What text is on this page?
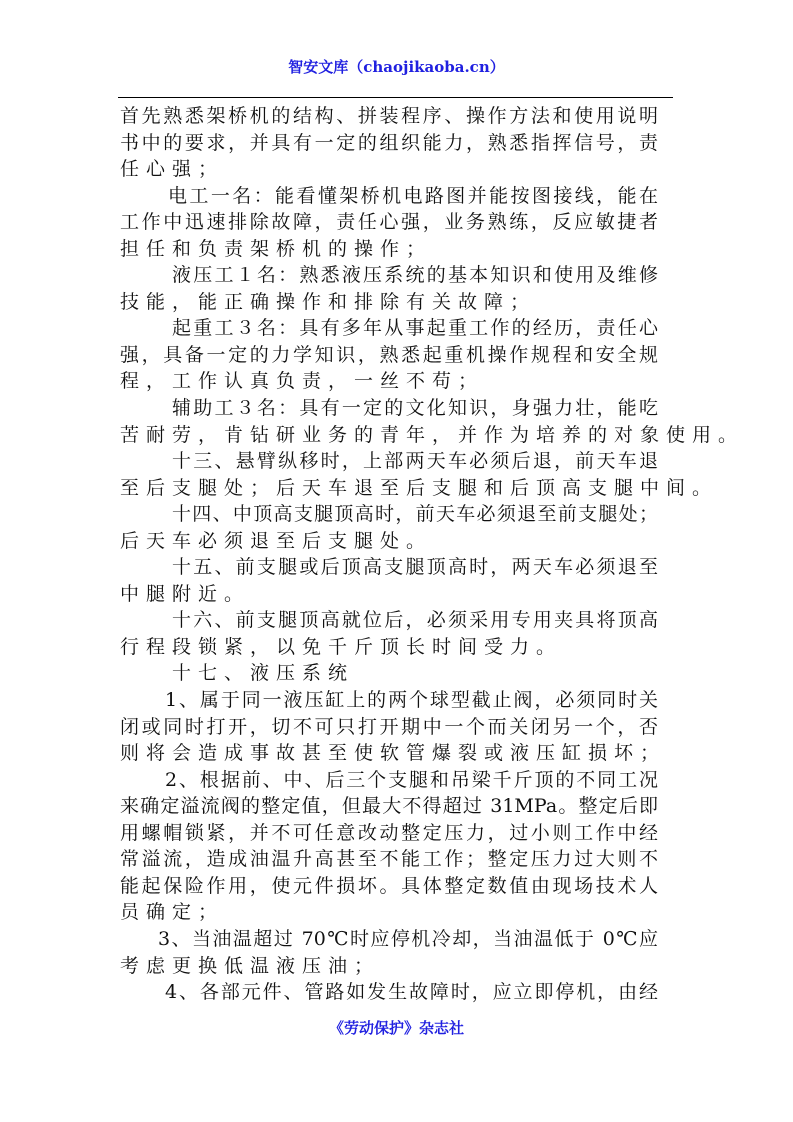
智安文库（chaojikaoba.cn）
首先熟悉架桥机的结构、拼装程序、操作方法和使用说明
书中的要求，并具有一定的组织能力，熟悉指挥信号，责
任心强；
电工一名：能看懂架桥机电路图并能按图接线，能在
工作中迅速排除故障，责任心强，业务熟练，反应敏捷者
担任和负责架桥机的操作；
液压工１名：熟悉液压系统的基本知识和使用及维修
技能，能正确操作和排除有关故障；
起重工３名：具有多年从事起重工作的经历，责任心
强，具备一定的力学知识，熟悉起重机操作规程和安全规
程，工作认真负责，一丝不苟；
辅助工３名：具有一定的文化知识，身强力壮，能吃
苦耐劳，肯钻研业务的青年，并作为培养的对象使用。
十三、悬臂纵移时，上部两天车必须后退，前天车退
至后支腿处；后天车退至后支腿和后顶高支腿中间。
十四、中顶高支腿顶高时，前天车必须退至前支腿处；
后天车必须退至后支腿处。
十五、前支腿或后顶高支腿顶高时，两天车必须退至
中腿附近。
十六、前支腿顶高就位后，必须采用专用夹具将顶高
行程段锁紧，以免千斤顶长时间受力。
十七、液压系统
1、属于同一液压缸上的两个球型截止阀，必须同时关
闭或同时打开，切不可只打开期中一个而关闭另一个，否
则将会造成事故甚至使软管爆裂或液压缸损坏；
2、根据前、中、后三个支腿和吊梁千斤顶的不同工况
来确定溢流阀的整定值，但最大不得超过 31MPa。整定后即
用螺帽锁紧，并不可任意改动整定压力，过小则工作中经
常溢流，造成油温升高甚至不能工作；整定压力过大则不
能起保险作用，使元件损坏。具体整定数值由现场技术人
员确定；
3、当油温超过 70℃时应停机冷却，当油温低于 0℃应
考虑更换低温液压油；
4、各部元件、管路如发生故障时，应立即停机，由经
《劳动保护》杂志社
